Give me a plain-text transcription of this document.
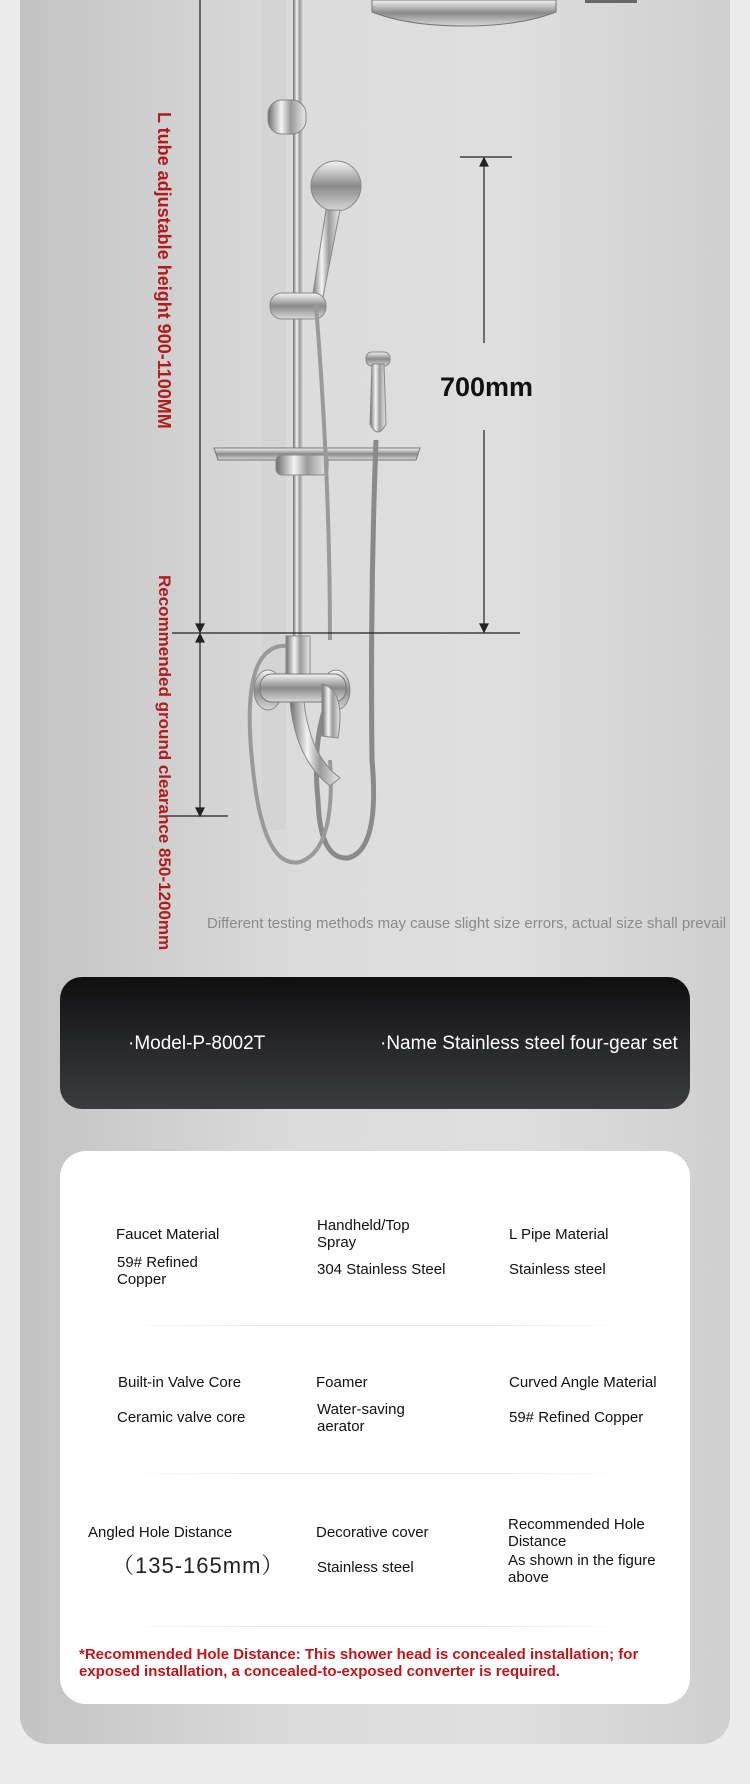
L tube adjustable height 900-1100MM
Recommended ground clearance 850-1200mm
700mm
Different testing methods may cause slight size errors, actual size shall prevail
·Model-P-8002T	·Name Stainless steel four-gear set
Faucet Material
59# Refined Copper
Handheld/Top Spray
304 Stainless Steel
L Pipe Material
Stainless steel
Built-in Valve Core
Ceramic valve core
Foamer
Water-saving aerator
Curved Angle Material
59# Refined Copper
Angled Hole Distance
（135-165mm）
Decorative cover
Stainless steel
Recommended Hole Distance
As shown in the figure above
*Recommended Hole Distance: This shower head is concealed installation; for exposed installation, a concealed-to-exposed converter is required.
